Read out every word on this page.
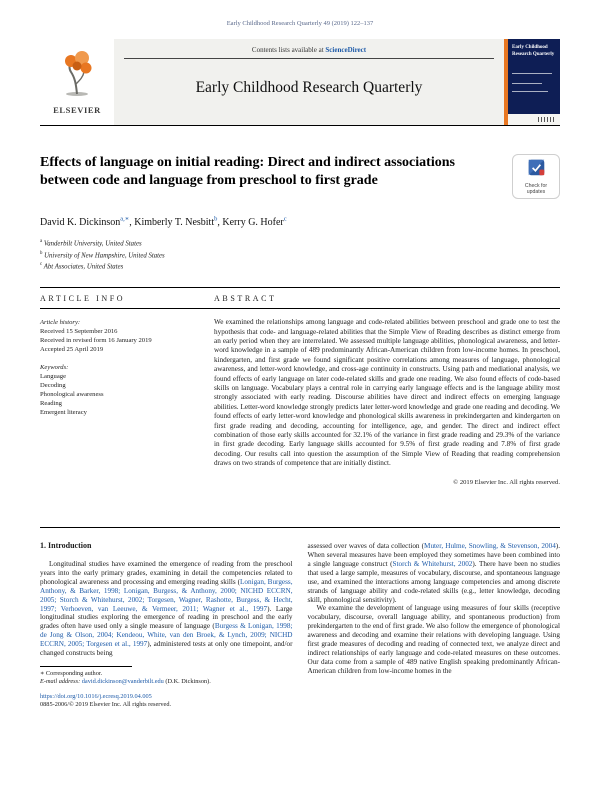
Early Childhood Research Quarterly 49 (2019) 122–137
ELSEVIER
Contents lists available at ScienceDirect
Early Childhood Research Quarterly
Early Childhood Research Quarterly
Effects of language on initial reading: Direct and indirect associations between code and language from preschool to first grade	Check for updates
David K. Dickinson$^{a,∗}$, Kimberly T. Nesbitt$^b$, Kerry G. Hofer$^c$
$^a$ Vanderbilt University, United States
$^b$ University of New Hampshire, United States
$^c$ Abt Associates, United States
ARTICLE INFO	ABSTRACT
Article history:
Received 15 September 2016
Received in revised form 16 January 2019
Accepted 25 April 2019
Keywords:
Language
Decoding
Phonological awareness
Reading
Emergent literacy
We examined the relationships among language and code-related abilities between preschool and grade one to test the hypothesis that code- and language-related abilities that the Simple View of Reading describes as distinct emerge from an early period when they are interrelated. We assessed multiple language abilities, phonological awareness, and letter-word knowledge in a sample of 489 predominantly African-American children from low-income homes. In preschool, kindergarten, and first grade we found significant positive correlations among measures of language, phonological awareness, and letter-word knowledge, and cross-age continuity in constructs. Using path and mediational analysis, we found effects of early language on later code-related skills and grade one reading. We also found effects of code-based skills on language. Vocabulary plays a central role in carrying early language effects and is the language ability most strongly associated with early reading. Discourse abilities have direct and indirect effects on emerging language abilities. Letter-word knowledge strongly predicts later letter-word knowledge and grade one reading and decoding. We found effects of early letter-word knowledge and phonological skills awareness in prekindergarten and kindergarten on first grade reading and decoding, accounting for intelligence, age, and gender. The direct and indirect effect combination of those early skills accounted for 32.1% of the variance in first grade reading and 29.3% of the variance in first grade decoding. Early language skills accounted for 9.5% of first grade reading and 7.8% of first grade decoding. Our results call into question the assumption of the Simple View of Reading that reading comprehension draws on two strands of competence that are initially distinct.
© 2019 Elsevier Inc. All rights reserved.
1. Introduction

Longitudinal studies have examined the emergence of reading from the preschool years into the early primary grades, examining in detail the competencies related to phonological awareness and processing and emerging reading skills (Lonigan, Burgess, Anthony, & Barker, 1998; Lonigan, Burgess, & Anthony, 2000; NICHD ECCRN, 2005; Storch & Whitehurst, 2002; Torgesen, Wagner, Rashotte, Burgess, & Hecht, 1997; Verhoeven, van Leeuwe, & Vermeer, 2011; Wagner et al., 1997). Large longitudinal studies exploring the emergence of reading in preschool and the early grades often have used only a single measure of language (Burgess & Lonigan, 1998; de Jong & Olson, 2004; Kendeou, White, van den Broek, & Lynch, 2009; NICHD ECCRN, 2005; Torgesen et al., 1997), administered tests at only one timepoint, and/or changed constructs being

∗ Corresponding author.
E-mail address: david.dickinson@vanderbilt.edu (D.K. Dickinson).

assessed over waves of data collection (Muter, Hulme, Snowling, & Stevenson, 2004). When several measures have been employed they sometimes have been combined into a single language construct (Storch & Whitehurst, 2002). There have been no studies that used a large sample, measures of vocabulary, discourse, and spontaneous language use, and examined the interactions among language competencies and among discrete strands of language ability and code-related skills (e.g., letter knowledge, decoding skill, phonological sensitivity).

We examine the development of language using measures of four skills (receptive vocabulary, discourse, overall language ability, and spontaneous production) from prekindergarten to the end of first grade. We also follow the emergence of phonological awareness and decoding and examine their relations with developing language. Using first grade measures of decoding and reading of connected text, we analyze direct and indirect relationships of early language and code-related measures on these outcomes. Our data come from a sample of 489 native English speaking predominantly African-American children from low-income homes in the

https://doi.org/10.1016/j.ecresq.2019.04.005
0885-2006/© 2019 Elsevier Inc. All rights reserved.
